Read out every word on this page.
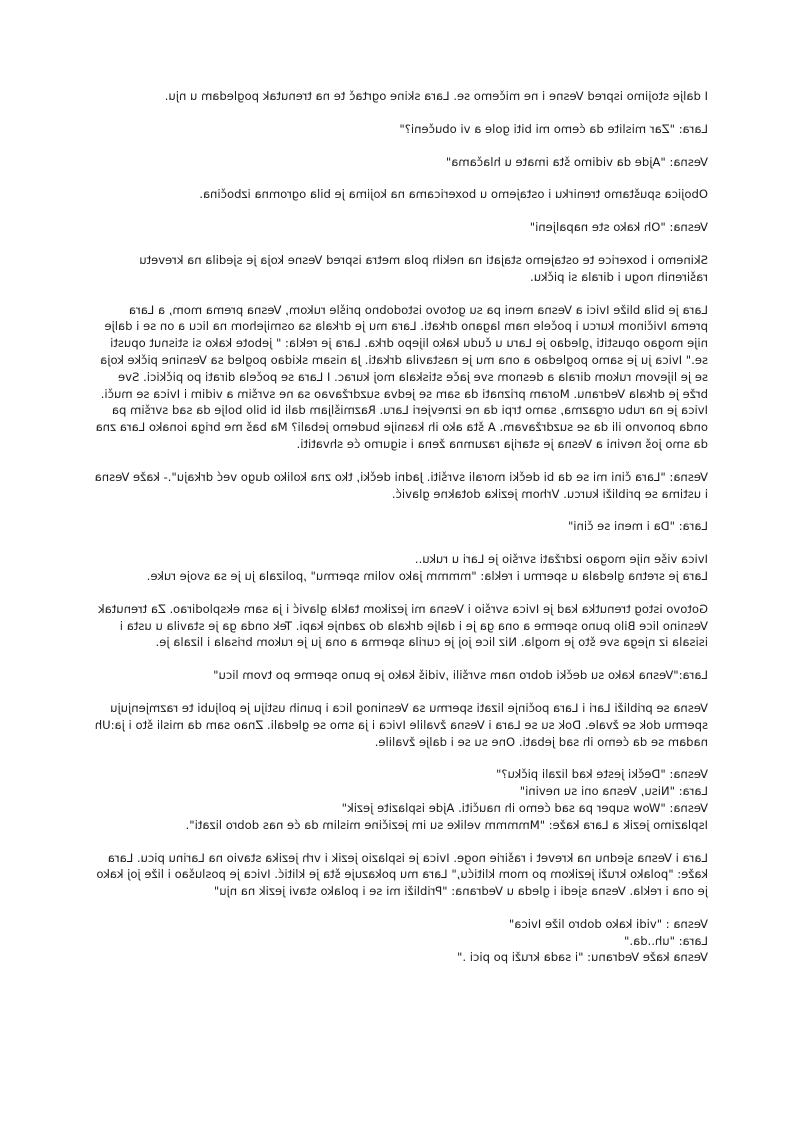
I dalje stojimo ispred Vesne i ne mičemo se. Lara skine ogrtač te na trenutak pogledam u nju.

Lara: "Zar mislite da ćemo mi biti gole a vi obučeni?"

Vesna: "Ajde da vidimo šta imate u hlačama"

Obojica spuštamo trenirku i ostajemo u boxericama na kojima je bila ogromna izbočina.

Vesna: "Oh kako ste napaljeni"

Skinemo i boxerice te ostajemo stajati na nekih pola metra ispred Vesne koja je sjedila na krevetu raširenih nogu i dirala si pičku.

Lara je bila bliže Ivici a Vesna meni pa su gotovo istodobno prišle rukom, Vesna prema mom, a Lara prema Ivičinom kurcu i počele nam lagano drkati. Lara mu je drkala sa osmijehom na licu a on se i dalje nije mogao opustiti ,gledao je Laru u čudu kako lijepo drka. Lara je rekla: " jebote kako si stisnut opusti se." Ivica ju je samo pogledao a ona mu je nastavila drkati. Ja nisam skidao pogled sa Vesnine pičke koja se je lijevom rukom dirala a desnom sve jače stiskala moj kurac. I Lara se počela dirati po pičkici. Sve brže je drkala Vedranu. Moram priznati da sam se jedva suzdržavao sa ne svršim a vidim i Ivica se muči. Ivica je na rubu orgazma, samo trpi da ne iznevjeri Laru. Razmišljam dali bi bilo bolje da sad svršim pa onda ponovno ili da se suzdržavam. A šta ako ih kasnije budemo jebali? Ma baš me briga ionako Lara zna da smo još nevini a Vesna je starija razumna žena i sigurno će shvatiti.

Vesna: "Lara čini mi se da bi dečki morali svršiti. Jadni dečki, tko zna koliko dugo već drkaju".- kaže Vesna i ustima se približi kurcu. Vrhom jezika dotakne glavić.

Lara: "Da i meni se čini"

Ivica više nije mogao izdržati svršio je Lari u ruku..
Lara je sretna gledala u spermu i rekla: "mmmm jako volim spermu" ,polizala ju je sa svoje ruke.

Gotovo istog trenutka kad je Ivica svršio i Vesna mi jezikom takla glavić i ja sam eksplodirao. Za trenutak Vesnino lice Bilo puno sperme a ona ga je i dalje drkala do zadnje kapi. Tek onda ga je stavila u usta i isisala iz njega sve što je mogla. Niz lice joj je curila sperma a ona ju je rukom brisala i lizala je.

Lara:"Vesna kako su dečki dobro nam svršili ,vidiš kako je puno sperme po tvom licu"

Vesna se približi Lari i Lara počinje lizati spermu sa Vesninog lica i punih ustiju je poljubi te razmjenjuju spermu dok se žvale. Dok su se Lara i Vesna žvalile Ivica i ja smo se gledali. Znao sam da misli što i ja:Uh nadam se da ćemo ih sad jebati. One su se i dalje žvalile.

Vesna: "Dečki jeste kad lizali pičku?"
Lara: "Nisu, Vesna oni su nevini"
Vesna: "Wow super pa sad ćemo ih naučiti. Ajde isplazite jezik"
Isplazimo jezik a Lara kaže: "Mmmmm velike su im jezičine mislim da će nas dobro lizati".

Lara i Vesna sjednu na krevet i raširie noge. Ivica je isplazio jezik i vrh jezika stavio na Larinu picu. Lara kaže: "polako kruži jezikom po mom klitiću," Lara mu pokazuje šta je klitić. Ivica je poslušao i liže joj kako je ona i rekla. Vesna sjedi i gleda u Vedrana: "Približi mi se i polako stavi jezik na nju"

Vesna : "vidi kako dobro liže Ivica"
Lara: "uh..da."
Vesna kaže Vedranu: "i sada kruži po pici ."
